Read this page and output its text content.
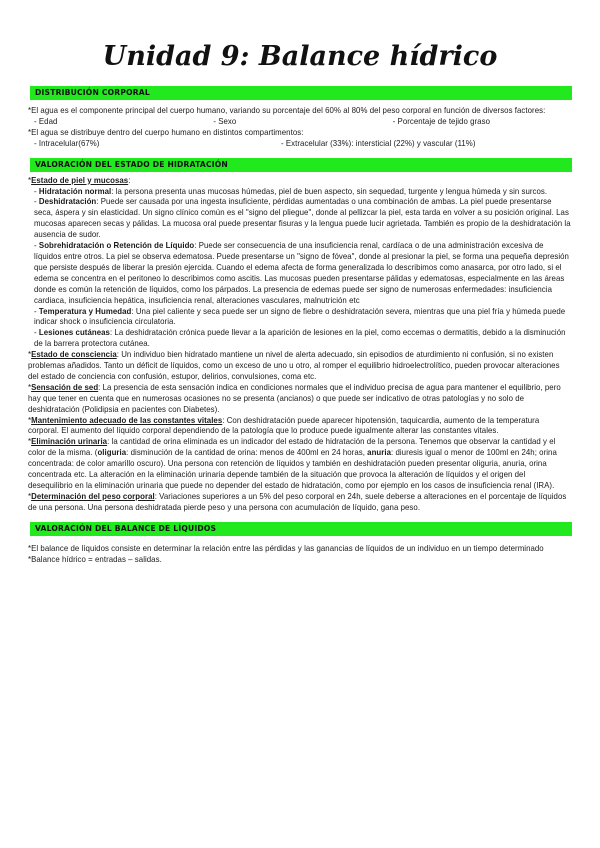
Unidad 9: Balance hídrico
DISTRIBUCIÓN CORPORAL

*El agua es el componente principal del cuerpo humano, variando su porcentaje del 60% al 80% del peso corporal en función de diversos factores:

- Edad	- Sexo	- Porcentaje de tejido graso

*El agua se distribuye dentro del cuerpo humano en distintos compartimentos:

- Intracelular(67%)	- Extracelular (33%): intersticial (22%) y vascular (11%)
VALORACIÓN DEL ESTADO DE HIDRATACIÓN

*Estado de piel y mucosas:

- Hidratación normal: la persona presenta unas mucosas húmedas, piel de buen aspecto, sin sequedad, turgente y lengua húmeda y sin surcos.

- Deshidratación: Puede ser causada por una ingesta insuficiente, pérdidas aumentadas o una combinación de ambas. La piel puede presentarse seca, áspera y sin elasticidad. Un signo clínico común es el "signo del pliegue", donde al pellizcar la piel, esta tarda en volver a su posición original. Las mucosas aparecen secas y pálidas. La mucosa oral puede presentar fisuras y la lengua puede lucir agrietada. También es propio de la deshidratación la ausencia de sudor.

- Sobrehidratación o Retención de Líquido: Puede ser consecuencia de una insuficiencia renal, cardíaca o de una administración excesiva de líquidos entre otros. La piel se observa edematosa. Puede presentarse un "signo de fóvea", donde al presionar la piel, se forma una pequeña depresión que persiste después de liberar la presión ejercida. Cuando el edema afecta de forma generalizada lo describimos como anasarca, por otro lado, si el edema se concentra en el peritoneo lo describimos como ascitis. Las mucosas pueden presentarse pálidas y edematosas, especialmente en las áreas donde es común la retención de líquidos, como los párpados. La presencia de edemas puede ser signo de numerosas enfermedades: insuficiencia cardiaca, insuficiencia hepática, insuficiencia renal, alteraciones vasculares, malnutrición etc

- Temperatura y Humedad: Una piel caliente y seca puede ser un signo de fiebre o deshidratación severa, mientras que una piel fría y húmeda puede indicar shock o insuficiencia circulatoria.

- Lesiones cutáneas: La deshidratación crónica puede llevar a la aparición de lesiones en la piel, como eccemas o dermatitis, debido a la disminución de la barrera protectora cutánea.

*Estado de consciencia: Un individuo bien hidratado mantiene un nivel de alerta adecuado, sin episodios de aturdimiento ni confusión, si no existen problemas añadidos. Tanto un déficit de líquidos, como un exceso de uno u otro, al romper el equilibrio hidroelectrolítico, pueden provocar alteraciones del estado de conciencia con confusión, estupor, delirios, convulsiones, coma etc.

*Sensación de sed: La presencia de esta sensación indica en condiciones normales que el individuo precisa de agua para mantener el equilibrio, pero hay que tener en cuenta que en numerosas ocasiones no se presenta (ancianos) o que puede ser indicativo de otras patologías y no solo de deshidratación (Polidipsia en pacientes con Diabetes).

*Mantenimiento adecuado de las constantes vitales: Con deshidratación puede aparecer hipotensión, taquicardia, aumento de la temperatura corporal. El aumento del líquido corporal dependiendo de la patología que lo produce puede igualmente alterar las constantes vitales.

*Eliminación urinaria: la cantidad de orina eliminada es un indicador del estado de hidratación de la persona. Tenemos que observar la cantidad y el color de la misma. (oliguria: disminución de la cantidad de orina: menos de 400ml en 24 horas, anuria: diuresis igual o menor de 100ml en 24h; orina concentrada: de color amarillo oscuro). Una persona con retención de líquidos y también en deshidratación pueden presentar oliguria, anuria, orina concentrada etc. La alteración en la eliminación urinaria depende también de la situación que provoca la alteración de líquidos y el origen del desequilibrio en la eliminación urinaria que puede no depender del estado de hidratación, como por ejemplo en los casos de insuficiencia renal (IRA).

*Determinación del peso corporal: Variaciones superiores a un 5% del peso corporal en 24h, suele deberse a alteraciones en el porcentaje de líquidos de una persona. Una persona deshidratada pierde peso y una persona con acumulación de líquido, gana peso.

VALORACIÓN DEL BALANCE DE LÍQUIDOS

*El balance de líquidos consiste en determinar la relación entre las pérdidas y las ganancias de líquidos de un individuo en un tiempo determinado

*Balance hídrico = entradas – salidas.
